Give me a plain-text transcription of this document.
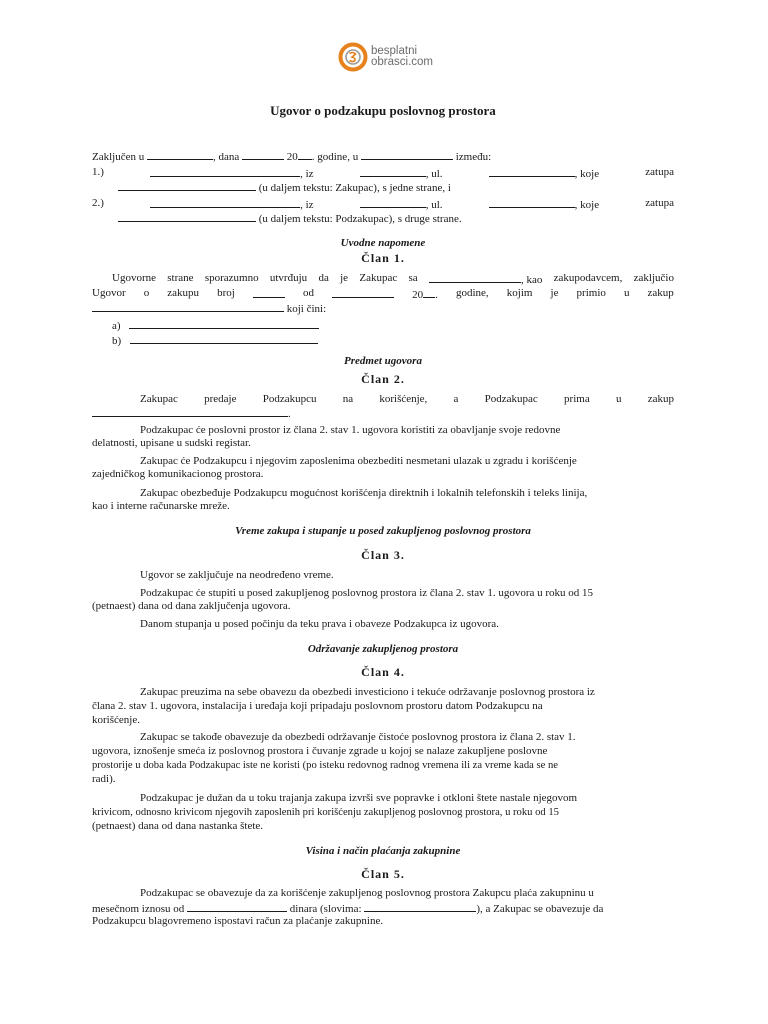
besplatni
obrasci.com
Ugovor o podzakupu poslovnog prostora
Zaključen u	, dana	20 . godine, u	između:
1.)	, iz	, ul.	, koje	zatupa
(u daljem tekstu: Zakupac), s jedne strane, i
2.)	, iz	, ul.	, koje	zatupa
(u daljem tekstu: Podzakupac), s druge strane.
Uvodne napomene
Član 1.
Ugovorne strane sporazumno utvrđuju da je Zakupac sa	, kao zakupodavcem, zaključio
Ugovor o zakupu broj	od	20 . godine, kojim je primio u zakup
koji čini:
a)
b)
Predmet ugovora
Član 2.
Zakupac predaje Podzakupcu na korišćenje, a Podzakupac prima u zakup
.
Podzakupac će poslovni prostor iz člana 2. stav 1. ugovora koristiti za obavljanje svoje redovne
delatnosti, upisane u sudski registar.
Zakupac će Podzakupcu i njegovim zaposlenima obezbediti nesmetani ulazak u zgradu i korišćenje
zajedničkog komunikacionog prostora.
Zakupac obezbeđuje Podzakupcu mogućnost korišćenja direktnih i lokalnih telefonskih i teleks linija,
kao i interne računarske mreže.
Vreme zakupa i stupanje u posed zakupljenog poslovnog prostora
Član 3.
Ugovor se zaključuje na neodređeno vreme.
Podzakupac će stupiti u posed zakupljenog poslovnog prostora iz člana 2. stav 1. ugovora u roku od 15
(petnaest) dana od dana zaključenja ugovora.
Danom stupanja u posed počinju da teku prava i obaveze Podzakupca iz ugovora.
Održavanje zakupljenog prostora
Član 4.
Zakupac preuzima na sebe obavezu da obezbedi investiciono i tekuće održavanje poslovnog prostora iz
člana 2. stav 1. ugovora, instalacija i uređaja koji pripadaju poslovnom prostoru datom Podzakupcu na
korišćenje.
Zakupac se takođe obavezuje da obezbedi održavanje čistoće poslovnog prostora iz člana 2. stav 1.
ugovora, iznošenje smeća iz poslovnog prostora i čuvanje zgrade u kojoj se nalaze zakupljene poslovne
prostorije u doba kada Podzakupac iste ne koristi (po isteku redovnog radnog vremena ili za vreme kada se ne
radi).
Podzakupac je dužan da u toku trajanja zakupa izvrši sve popravke i otkloni štete nastale njegovom
krivicom, odnosno krivicom njegovih zaposlenih pri korišćenju zakupljenog poslovnog prostora, u roku od 15
(petnaest) dana od dana nastanka štete.
Visina i način plaćanja zakupnine
Član 5.
Podzakupac se obavezuje da za korišćenje zakupljenog poslovnog prostora Zakupcu plaća zakupninu u
mesečnom iznosu od	dinara (slovima:	), a Zakupac se obavezuje da
Podzakupcu blagovremeno ispostavi račun za plaćanje zakupnine.
